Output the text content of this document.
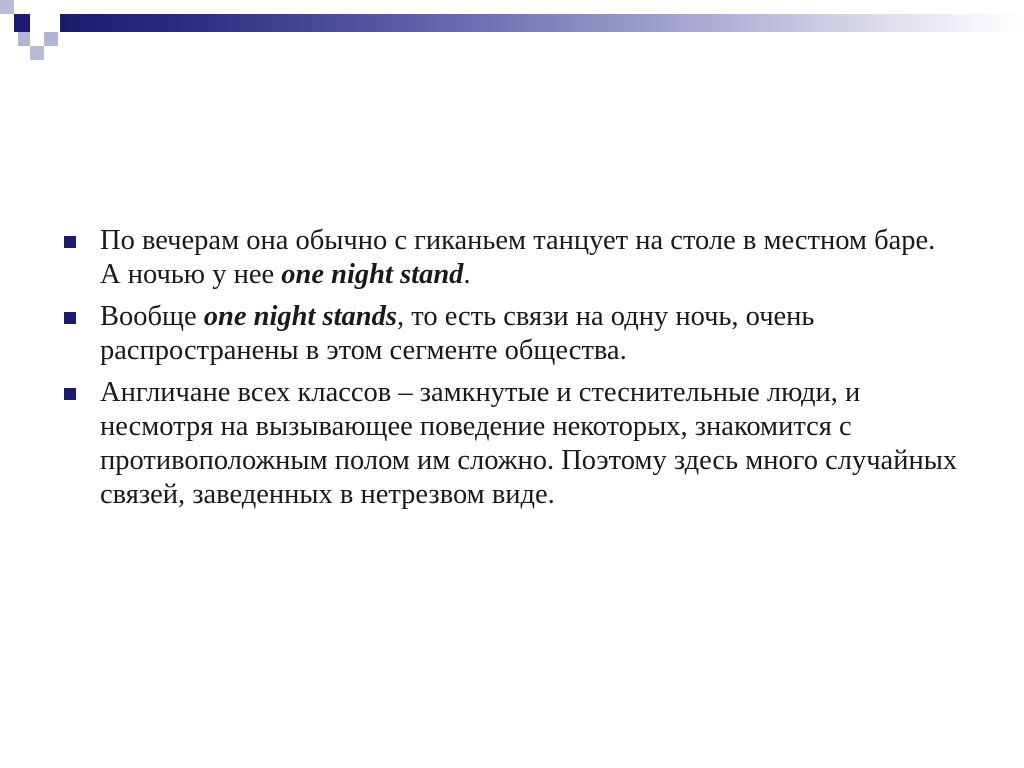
По вечерам она обычно с гиканьем танцует на столе в местном баре. А ночью у нее one night stand.
Вообще one night stands, то есть связи на одну ночь, очень распространены в этом сегменте общества.
Англичане всех классов – замкнутые и стеснительные люди, и несмотря на вызывающее поведение некоторых, знакомится с противоположным полом им сложно. Поэтому здесь много случайных связей, заведенных в нетрезвом виде.
